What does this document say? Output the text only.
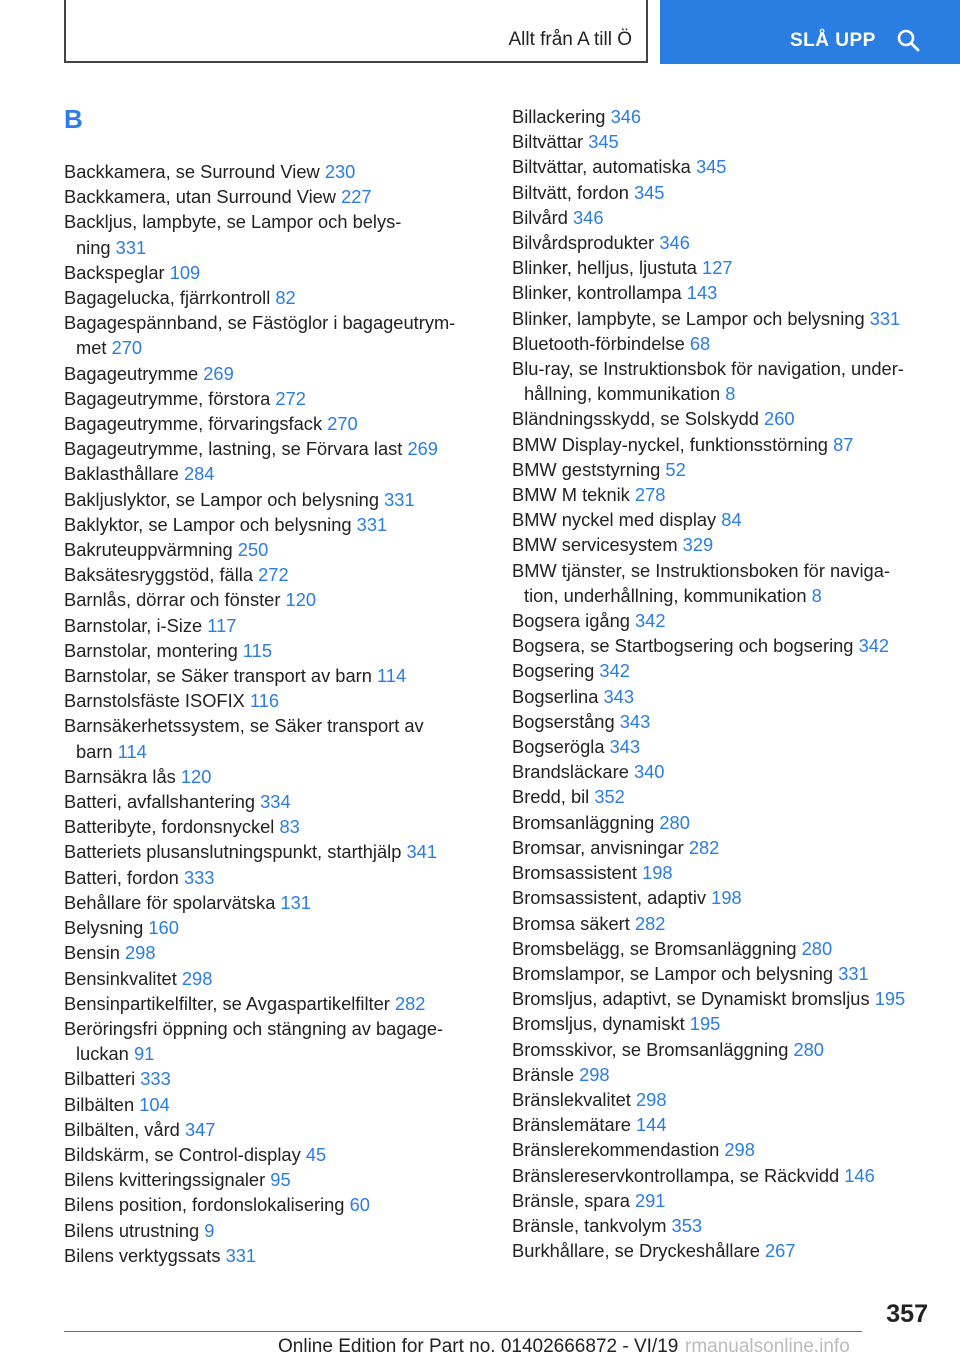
Allt från A till Ö	SLÅ UPP
B
Backkamera, se Surround View 230
Backkamera, utan Surround View 227
Backljus, lampbyte, se Lampor och belys-
ning 331
Backspeglar 109
Bagagelucka, fjärrkontroll 82
Bagagespännband, se Fästöglor i bagageutrym-
met 270
Bagageutrymme 269
Bagageutrymme, förstora 272
Bagageutrymme, förvaringsfack 270
Bagageutrymme, lastning, se Förvara last 269
Baklasthållare 284
Bakljuslyktor, se Lampor och belysning 331
Baklyktor, se Lampor och belysning 331
Bakruteuppvärmning 250
Baksätesryggstöd, fälla 272
Barnlås, dörrar och fönster 120
Barnstolar, i-Size 117
Barnstolar, montering 115
Barnstolar, se Säker transport av barn 114
Barnstolsfäste ISOFIX 116
Barnsäkerhetssystem, se Säker transport av
barn 114
Barnsäkra lås 120
Batteri, avfallshantering 334
Batteribyte, fordonsnyckel 83
Batteriets plusanslutningspunkt, starthjälp 341
Batteri, fordon 333
Behållare för spolarvätska 131
Belysning 160
Bensin 298
Bensinkvalitet 298
Bensinpartikelfilter, se Avgaspartikelfilter 282
Beröringsfri öppning och stängning av bagage-
luckan 91
Bilbatteri 333
Bilbälten 104
Bilbälten, vård 347
Bildskärm, se Control-display 45
Bilens kvitteringssignaler 95
Bilens position, fordonslokalisering 60
Bilens utrustning 9
Bilens verktygssats 331
Billackering 346
Biltvättar 345
Biltvättar, automatiska 345
Biltvätt, fordon 345
Bilvård 346
Bilvårdsprodukter 346
Blinker, helljus, ljustuta 127
Blinker, kontrollampa 143
Blinker, lampbyte, se Lampor och belysning 331
Bluetooth-förbindelse 68
Blu-ray, se Instruktionsbok för navigation, under-
hållning, kommunikation 8
Bländningsskydd, se Solskydd 260
BMW Display-nyckel, funktionsstörning 87
BMW geststyrning 52
BMW M teknik 278
BMW nyckel med display 84
BMW servicesystem 329
BMW tjänster, se Instruktionsboken för naviga-
tion, underhållning, kommunikation 8
Bogsera igång 342
Bogsera, se Startbogsering och bogsering 342
Bogsering 342
Bogserlina 343
Bogserstång 343
Bogserögla 343
Brandsläckare 340
Bredd, bil 352
Bromsanläggning 280
Bromsar, anvisningar 282
Bromsassistent 198
Bromsassistent, adaptiv 198
Bromsa säkert 282
Bromsbelägg, se Bromsanläggning 280
Bromslampor, se Lampor och belysning 331
Bromsljus, adaptivt, se Dynamiskt bromsljus 195
Bromsljus, dynamiskt 195
Bromsskivor, se Bromsanläggning 280
Bränsle 298
Bränslekvalitet 298
Bränslemätare 144
Bränslerekommendastion 298
Bränslereservkontrollampa, se Räckvidd 146
Bränsle, spara 291
Bränsle, tankvolym 353
Burkhållare, se Dryckeshållare 267
357
Online Edition for Part no. 01402666872 - VI/19 rmanualsonline.info
